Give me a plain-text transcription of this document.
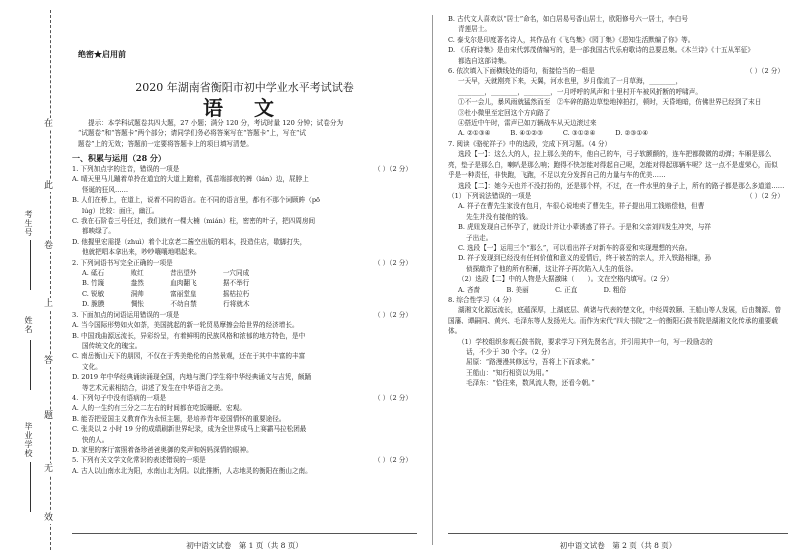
在
此
卷
上
答
题
无
效
考生号
姓名
毕业学校
绝密★启用前
2020 年湖南省衡阳市初中学业水平考试试卷
语 文

提示：本学科试题卷共四大题，27 小题；满分 120 分，考试时量 120 分钟；试卷分为

“试题卷”和“答题卡”两个部分；请同学们务必将答案写在“答题卡”上，写在“试

题卷”上的无效；答题前一定要将答题卡上的项目填写清楚。

一、积累与运用（28 分）

1. 下列加点字的注音，错误的一项是	（ ）（2 分）

A. 晴天里马儿蹦着单拎在道宜的大道上跑着，孤苗端部夜的裤（lán）边，屁脖上

怪诞的狂风……

B. 人们在桥上，在道上，说着不同的语言。在不同的语言里，都有不那个词顾眸（pō

lúg）比较：面庄，幽江。

C. 我在石阶卷三号任过，我们就有一棵大楠（mián）柱，密密的叶子，把四周房间

都映绿了。

D. 他握里宏需提（zhuì）着个北京老二酱空出版的唱本，投造住店，歇脚打失，

他就把唱本拿出来，吵吵嚷嚷地唱起来。

2. 下列词语书写完全正确的一项是	（ ）（2 分）

A. 砥石　　　　败红　　　　昔出望外　　　　一穴同成

B. 竹篾　　　　盎然　　　　血肉翻飞　　　　据不举行

C. 锐敏　　　　洞帅　　　　富丽堂皇　　　　摇枯拉朽

D. 脆膜　　　　惆怅　　　　不幼自禁　　　　行将就木

3. 下面加点的词语运用错误的一项是	（ ）（2 分）

A. 当今国际形势如火如荼，美国挑起的新一轮贸易摩擦会给世界的经济增长。

B. 中国戏曲源远流长，异彩纷呈，有着鲜明的民族风格和浓郁的地方特色，是中

国传统文化的瑰宝。

C. 南岳衡山天下的朋园，不仅在于秀美绝伦的自然景观，还在于其中丰富的丰富

文化。

D. 2019 年中华经典诵读涌现全国，内地与澳门学生将中华经典诵文与吉凭，颇踊

等艺术元素相结合，讲述了发生在中华语言之美。

4. 下列句子中没有语病的一项是	（ ）（2 分）

A. 人的一生约有三分之二左右的时间都在吃饭睡眠、宏观。

B. 能否把爱国主义教育作为永恒主题，是培养青年爱国情怀的重要途径。

C. 张炎以 2 小时 19 分的成绩刷新世界纪录，成为全世界成马上赛霸马拉松团最

快的人。

D. 家里的客厅富照着备珍爸爸奥御的奖声和妈妈深情的眼神。

5. 下列有关文学文化常识的表述错误的一项是	（ ）（2 分）

A. 古人以山南水北为阳，水南山北为阴。以此推断，人志地灵的衡阳在衡山之南。

初中语文试卷　第 1 页（共 8 页）

B. 古代文人喜欢以“居士”命名，如白居易号香山居士，欧阳修号六一居士，李白号

青莲居士。

C. 泰戈尔是印度著名诗人，其作品有《飞鸟集》《园丁集》《恩知生活默编了你》等。

D. 《乐府诗集》是由宋代郭茂倩编写的，是一部我国古代乐府歌诗的总要总集。《木兰诗》《十五从军征》

都选自这部诗集。

6. 依次填入下面横线处的语句，衔接恰当的一组是	（ ）（2 分）

一天早，天就刚亮下来，天翼，河水也里，岁月像流了一月草海，________，

________，________，________，一月呼呼的风声和十里村开车被风折断的呼啸声。

①不一会儿，暴风雨就猛然而至　②车碎的路边草垫地掉拍打，顿时，天昏地暗，仿佛世界已经到了末日

③杜小微里至定回这个方向路了

④搭近中午时，雷声已如万辆战车从天边滚过来

A. ②①③④　　　B. ④①②③　　　C. ③①②④　　　D. ②③①④

7. 阅读《骆驼祥子》中的选段，完成下列习题。（4 分）

选段【一】：这么大的人，拉上那么美的车，他自己的车，弓子软颤颤的，连车把都微微的动弹；车厢是那么亮，垫子是那么白，喇叭是那么响；跑得不快怎能对得起自己呢，怎能对得起那辆车呢？这一点不是虚荣心，而似乎是一种责任，非快跑，飞跑，不足以充分发挥自己的力量与车的优美……

选段【二】：她今天也并不没打扮的，还是那个样，不过，在一件水里的身子上，所有的路子都是那么多道道……

（1）下列说法错误的一项是	（ ）（2 分）

A. 祥子在曹先生家没有包月，车很心说地卖了曹先生，祥子提出用工钱赔偿他，但曹

先生并没有接他的钱。

B. 虎妞发现自己怀孕了，就设计并让小辈诱惑了祥子。于是和父亲刘四发生冲突，与祥

子出走。

C. 选段【一】运用三个“那么”，可以看出祥子对新车的喜爱和实现理想的兴奋。

D. 祥子发现到已经没有任何价值和意义的爱情后，终于被苦的亲人，并入铁路相继，孙

侦探敲诈了他的所有积蓄，这让祥子再次陷入人生的低谷。

（2）选段【二】中的人物是大据激昧（　　）。文在空格内填写。（2 分）

A. 吝啬　　　　B. 美丽　　　　C. 正直　　　　D. 粗俗

8. 综合性学习（4 分）

湖湘文化源远流长，底蕴深厚，上湖底层、黄诸与代表的楚文化，中经周敦颐、王船山等人发展，后由魏源、曾国藩、谭嗣同、黄兴、毛泽东等人发扬光大。而作为宋代“四大书院”之一的衡阳石鼓书院是湖湘文化传承的重要载体。

（1）学校组织参观石鼓书院，要求学习下列先贤名言，并引用其中一句，写一段励志的

话，不少于 30 个字。（2 分）

屈原：“路漫漫其修远兮，吾将上下而求索。”

王船山：“知行相资以为用。”

毛泽东：“恰往来，数风流人物，还看今朝。”

初中语文试卷　第 2 页（共 8 页）
